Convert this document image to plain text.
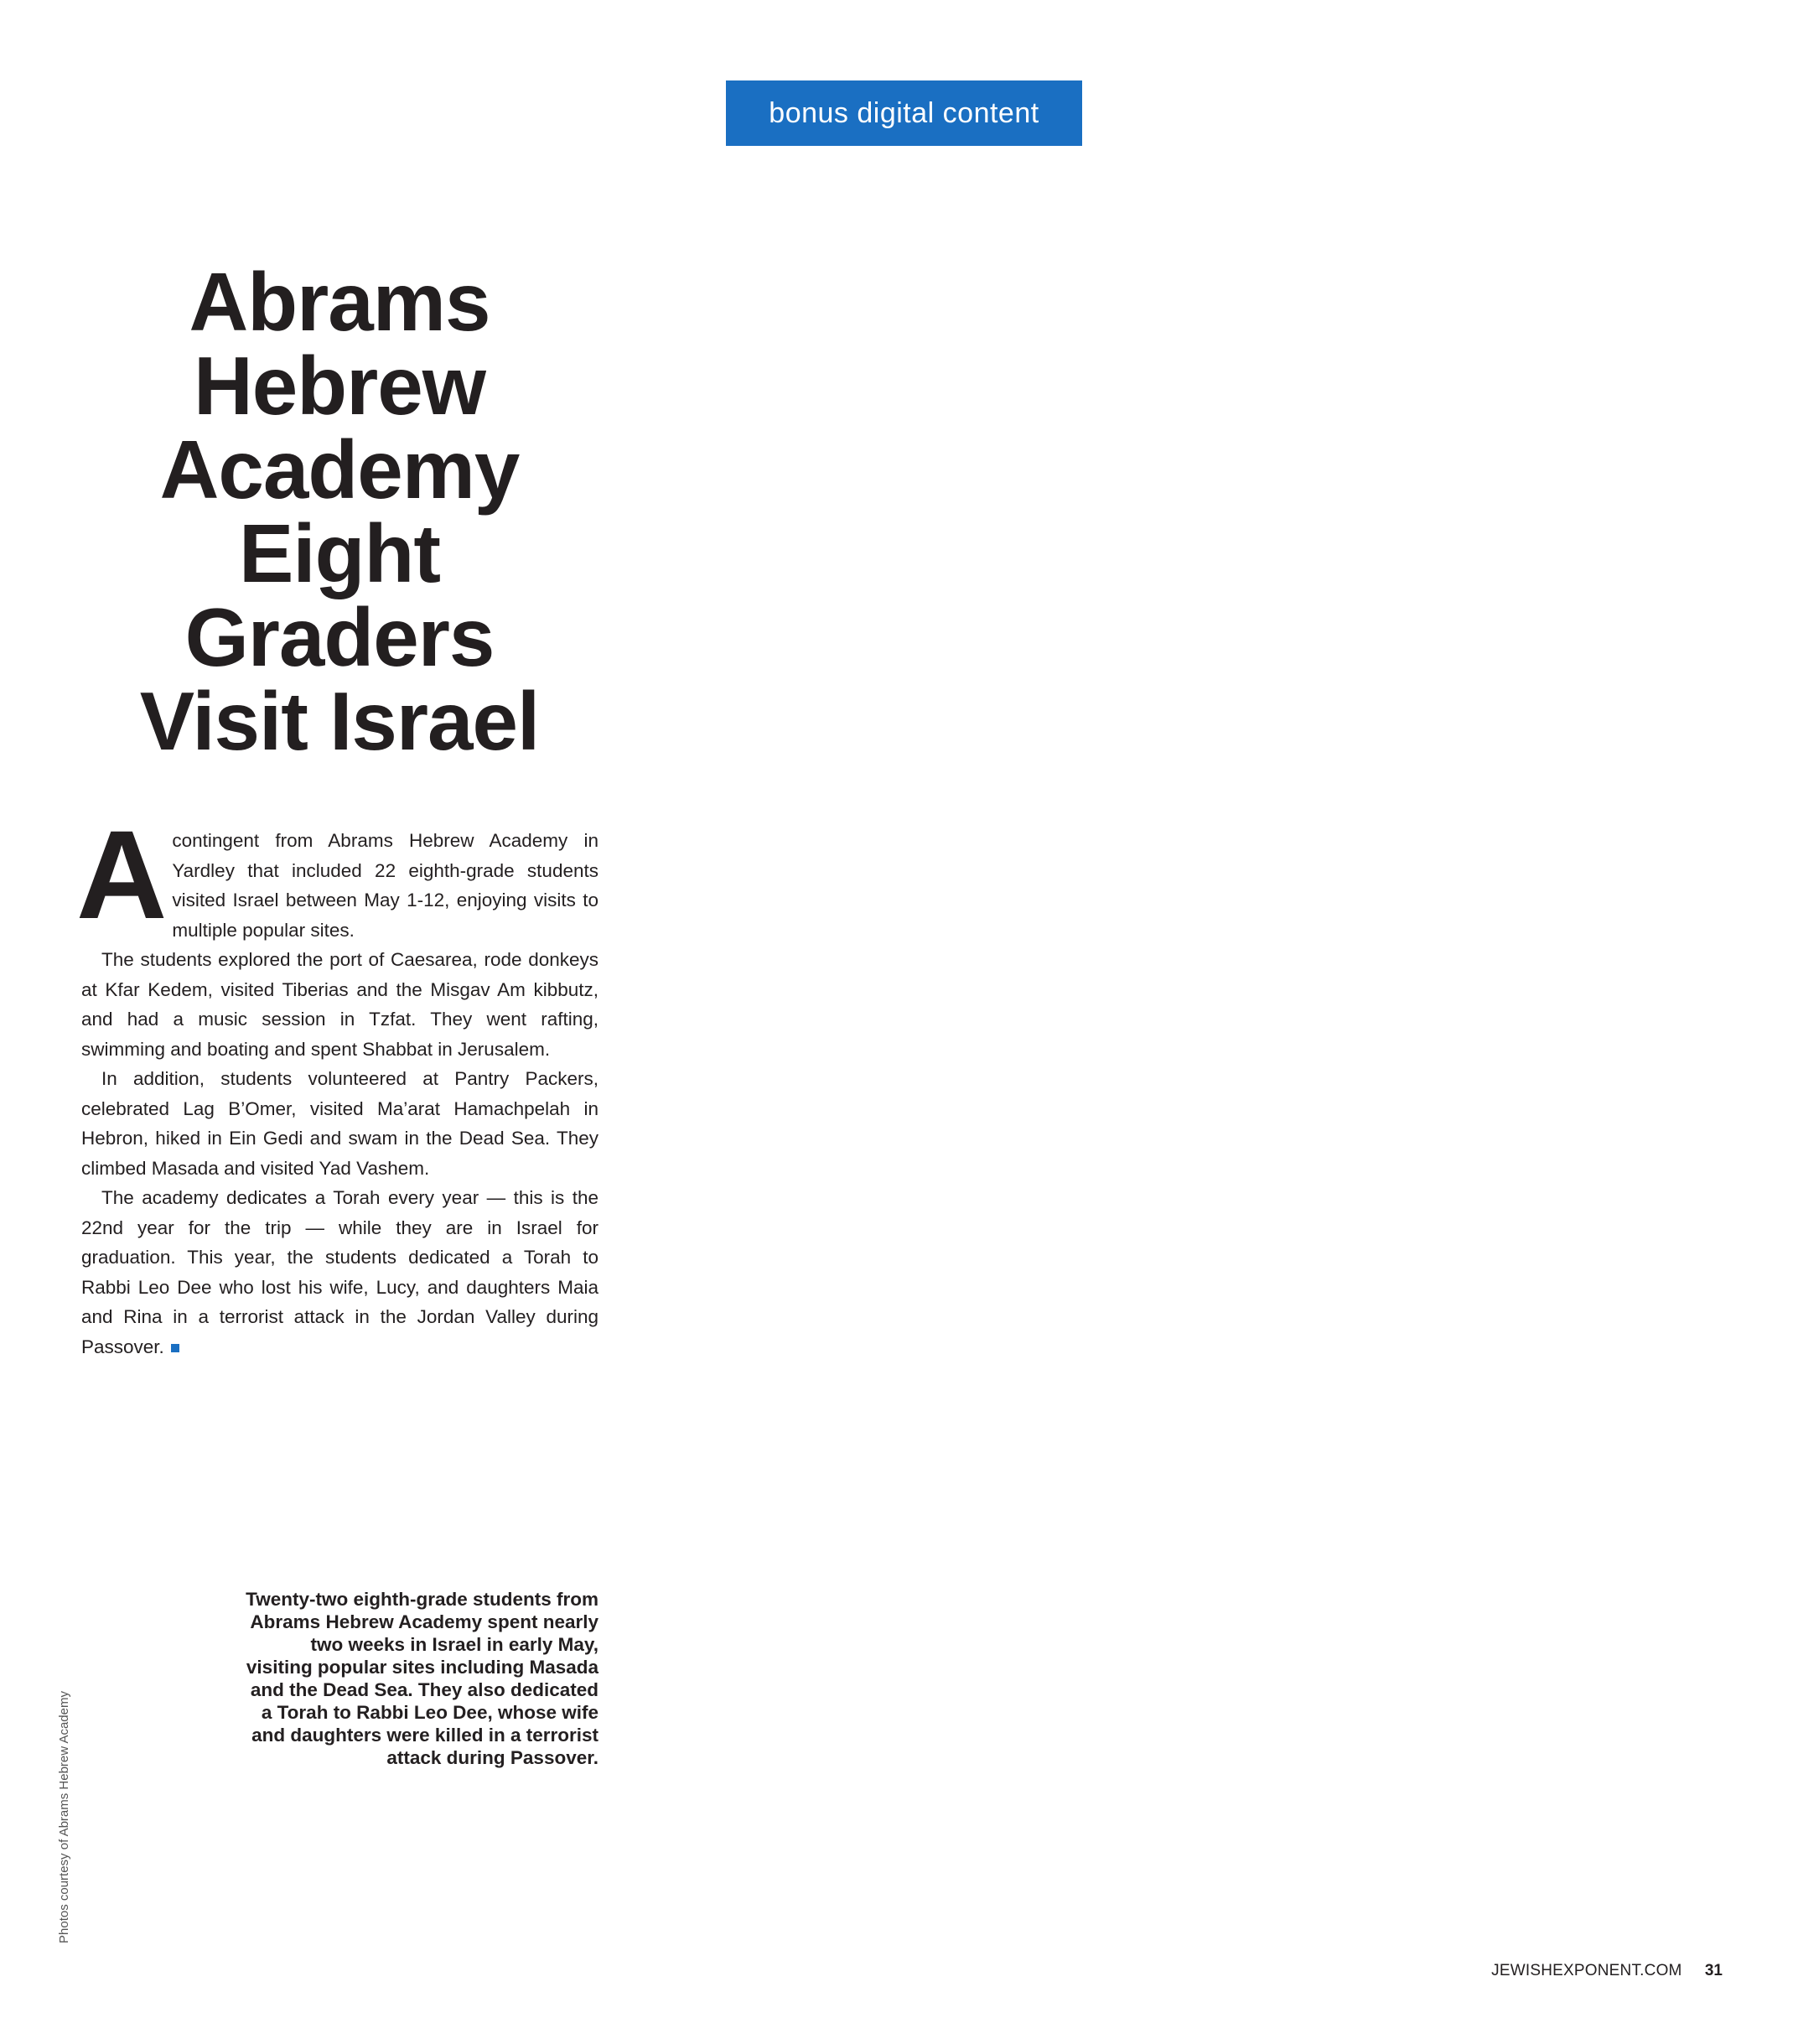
bonus digital content
Abrams
Hebrew
Academy
Eight
Graders
Visit Israel

Acontingent from Abrams Hebrew Academy in Yardley that included 22 eighth-grade students visited Israel between May 1-12, enjoying visits to multiple popular sites.

The students explored the port of Caesarea, rode donkeys at Kfar Kedem, visited Tiberias and the Misgav Am kibbutz, and had a music session in Tzfat. They went rafting, swimming and boating and spent Shabbat in Jerusalem.

In addition, students volunteered at Pantry Packers, celebrated Lag B’Omer, visited Ma’arat Hamachpelah in Hebron, hiked in Ein Gedi and swam in the Dead Sea. They climbed Masada and visited Yad Vashem.

The academy dedicates a Torah every year — this is the 22nd year for the trip — while they are in Israel for graduation. This year, the students dedicated a Torah to Rabbi Leo Dee who lost his wife, Lucy, and daughters Maia and Rina in a terrorist attack in the Jordan Valley during Passover.

Twenty-two eighth-grade students from Abrams Hebrew Academy spent nearly two weeks in Israel in early May, visiting popular sites including Masada and the Dead Sea. They also dedicated a Torah to Rabbi Leo Dee, whose wife and daughters were killed in a terrorist attack during Passover.
Photos courtesy of Abrams Hebrew Academy
JEWISHEXPONENT.COM 31
